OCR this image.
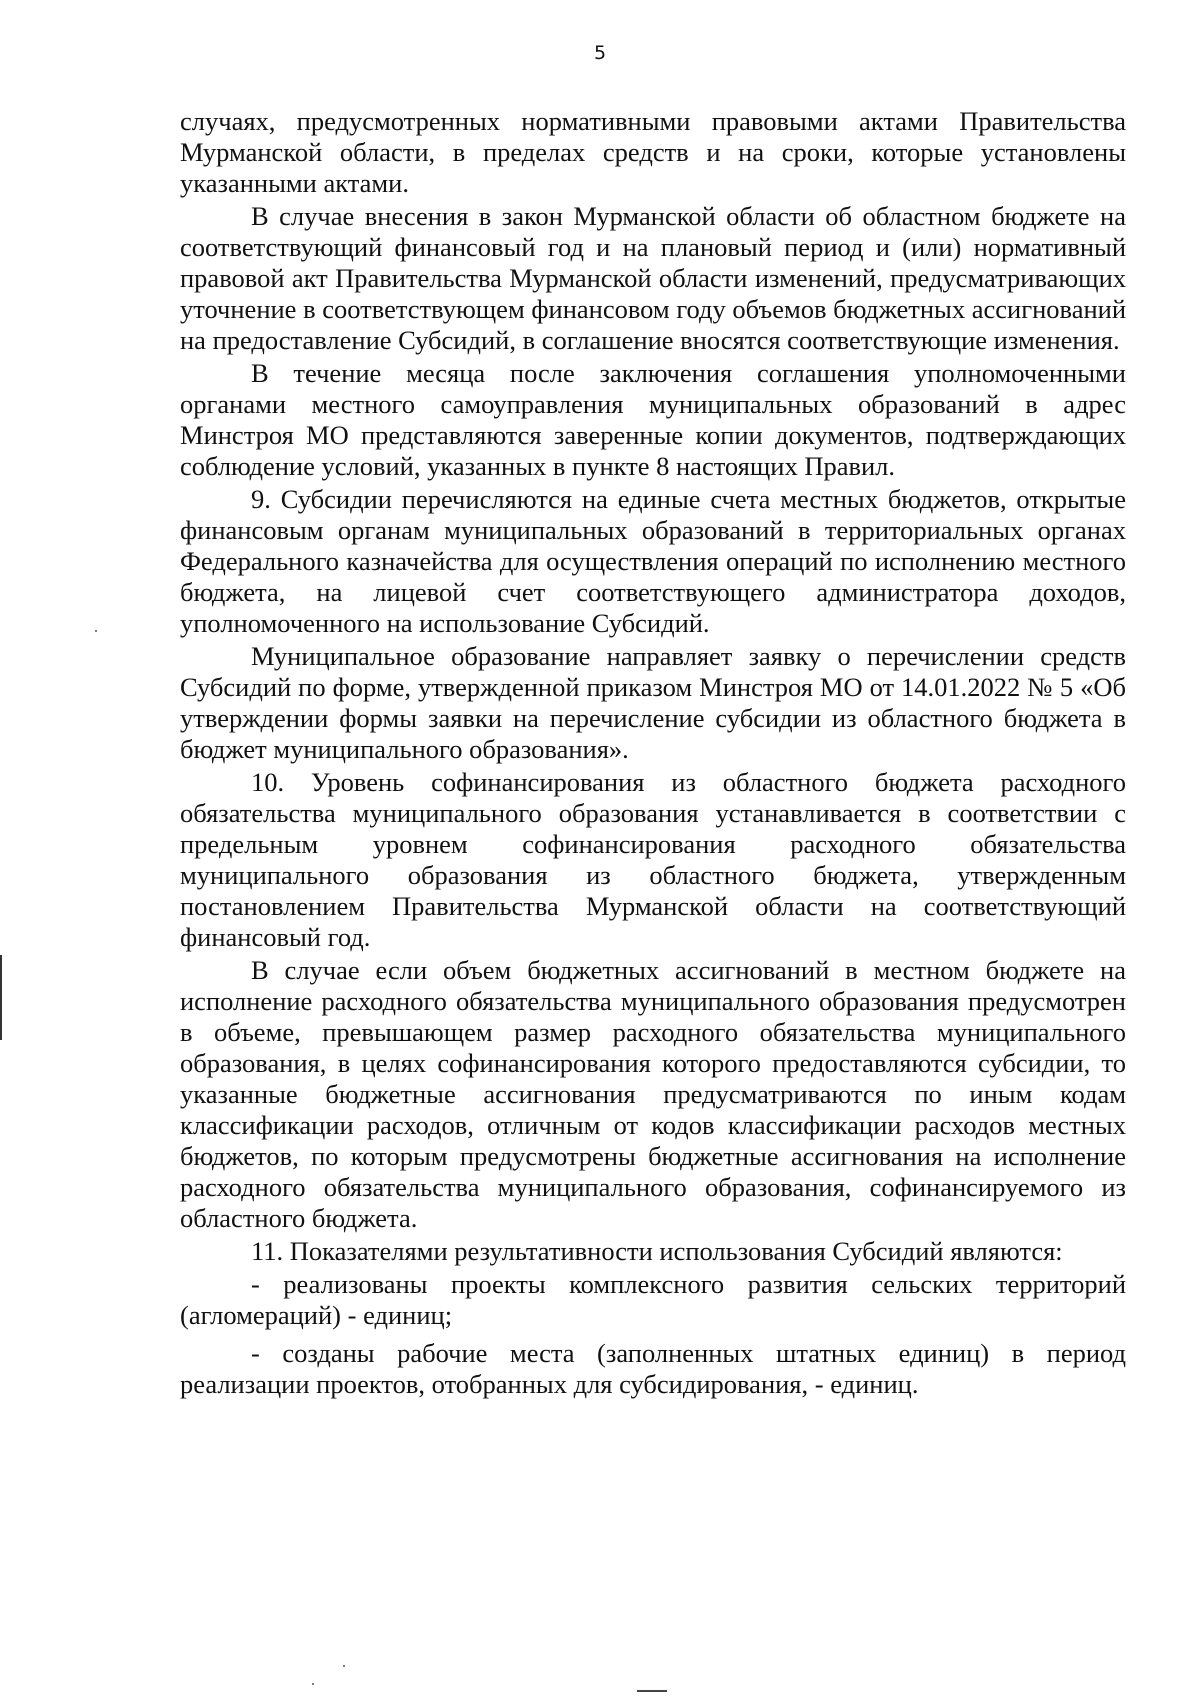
5

случаях, предусмотренных нормативными правовыми актами Правительства Мурманской области, в пределах средств и на сроки, которые установлены указанными актами.

В случае внесения в закон Мурманской области об областном бюджете на соответствующий финансовый год и на плановый период и (или) нормативный правовой акт Правительства Мурманской области изменений, предусматривающих уточнение в соответствующем финансовом году объемов бюджетных ассигнований на предоставление Субсидий, в соглашение вносятся соответствующие изменения.

В течение месяца после заключения соглашения уполномоченными органами местного самоуправления муниципальных образований в адрес Минстроя МО представляются заверенные копии документов, подтверждающих соблюдение условий, указанных в пункте 8 настоящих Правил.

9. Субсидии перечисляются на единые счета местных бюджетов, открытые финансовым органам муниципальных образований в территориальных органах Федерального казначейства для осуществления операций по исполнению местного бюджета, на лицевой счет соответствующего администратора доходов, уполномоченного на использование Субсидий.

Муниципальное образование направляет заявку о перечислении средств Субсидий по форме, утвержденной приказом Минстроя МО от 14.01.2022 № 5 «Об утверждении формы заявки на перечисление субсидии из областного бюджета в бюджет муниципального образования».

10. Уровень софинансирования из областного бюджета расходного обязательства муниципального образования устанавливается в соответствии с предельным уровнем софинансирования расходного обязательства муниципального образования из областного бюджета, утвержденным постановлением Правительства Мурманской области на соответствующий финансовый год.

В случае если объем бюджетных ассигнований в местном бюджете на исполнение расходного обязательства муниципального образования предусмотрен в объеме, превышающем размер расходного обязательства муниципального образования, в целях софинансирования которого предоставляются субсидии, то указанные бюджетные ассигнования предусматриваются по иным кодам классификации расходов, отличным от кодов классификации расходов местных бюджетов, по которым предусмотрены бюджетные ассигнования на исполнение расходного обязательства муниципального образования, софинансируемого из областного бюджета.

11. Показателями результативности использования Субсидий являются:

- реализованы проекты комплексного развития сельских территорий (агломераций) - единиц;

- созданы рабочие места (заполненных штатных единиц) в период реализации проектов, отобранных для субсидирования, - единиц.
